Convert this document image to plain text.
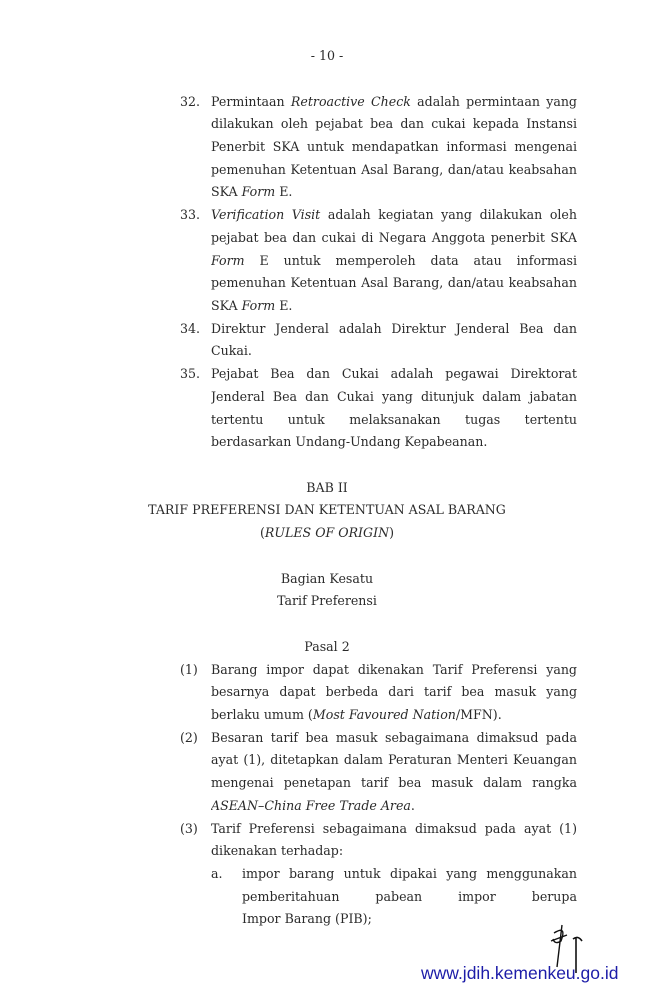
- 10 -
32. Permintaan Retroactive Check adalah permintaan yang
dilakukan oleh pejabat bea dan cukai kepada Instansi
Penerbit SKA untuk mendapatkan informasi mengenai
pemenuhan Ketentuan Asal Barang, dan/atau keabsahan
SKA Form E.
33. Verification Visit adalah kegiatan yang dilakukan oleh
pejabat bea dan cukai di Negara Anggota penerbit SKA
Form E untuk memperoleh data atau informasi
pemenuhan Ketentuan Asal Barang, dan/atau keabsahan
SKA Form E.
34. Direktur Jenderal adalah Direktur Jenderal Bea dan
Cukai.
35. Pejabat Bea dan Cukai adalah pegawai Direktorat
Jenderal Bea dan Cukai yang ditunjuk dalam jabatan
tertentu untuk melaksanakan tugas tertentu
berdasarkan Undang-Undang Kepabeanan.
BAB II
TARIF PREFERENSI DAN KETENTUAN ASAL BARANG
(RULES OF ORIGIN)
Bagian Kesatu
Tarif Preferensi
Pasal 2
(1) Barang impor dapat dikenakan Tarif Preferensi yang
besarnya dapat berbeda dari tarif bea masuk yang
berlaku umum (Most Favoured Nation/MFN).
(2) Besaran tarif bea masuk sebagaimana dimaksud pada
ayat (1), ditetapkan dalam Peraturan Menteri Keuangan
mengenai penetapan tarif bea masuk dalam rangka
ASEAN–China Free Trade Area.
(3) Tarif Preferensi sebagaimana dimaksud pada ayat (1)
dikenakan terhadap:
a. impor barang untuk dipakai yang menggunakan
pemberitahuan pabean impor berupa
Impor Barang (PIB);
www.jdih.kemenkeu.go.id
